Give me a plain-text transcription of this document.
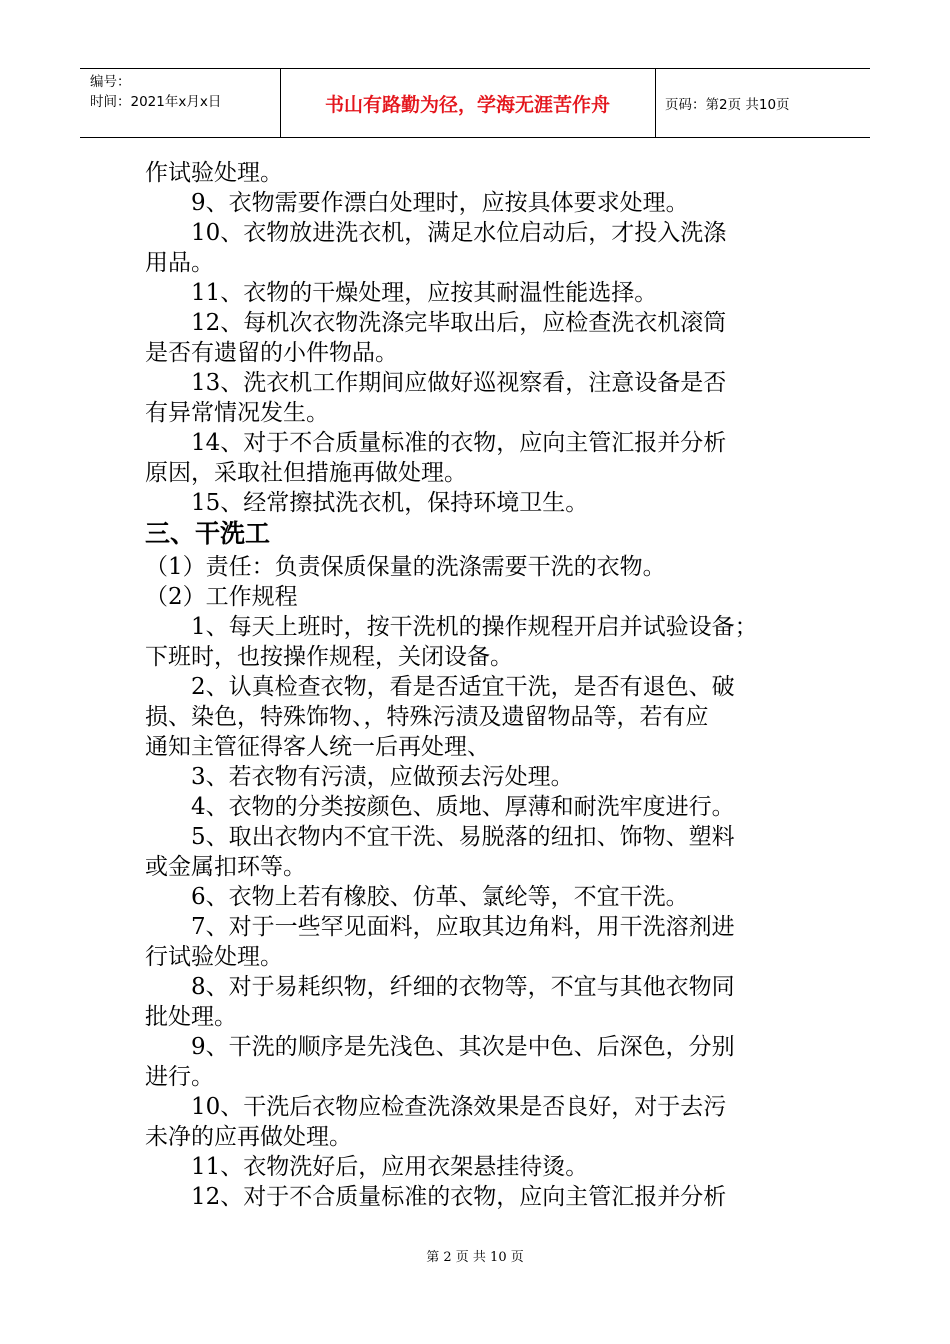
编号：
时间：2021年x月x日	书山有路勤为径，学海无涯苦作舟	页码：第2页 共10页
作试验处理。
9、衣物需要作漂白处理时，应按具体要求处理。
10、衣物放进洗衣机，满足水位启动后，才投入洗涤
用品。
11、衣物的干燥处理，应按其耐温性能选择。
12、每机次衣物洗涤完毕取出后，应检查洗衣机滚筒
是否有遗留的小件物品。
13、洗衣机工作期间应做好巡视察看，注意设备是否
有异常情况发生。
14、对于不合质量标准的衣物，应向主管汇报并分析
原因，采取社但措施再做处理。
15、经常擦拭洗衣机，保持环境卫生。
三、干洗工
（1）责任：负责保质保量的洗涤需要干洗的衣物。
（2）工作规程
1、每天上班时，按干洗机的操作规程开启并试验设备；
下班时，也按操作规程，关闭设备。
2、认真检查衣物，看是否适宜干洗，是否有退色、破
损、染色，特殊饰物、，特殊污渍及遗留物品等，若有应
通知主管征得客人统一后再处理、
3、若衣物有污渍，应做预去污处理。
4、衣物的分类按颜色、质地、厚薄和耐洗牢度进行。
5、取出衣物内不宜干洗、易脱落的纽扣、饰物、塑料
或金属扣环等。
6、衣物上若有橡胶、仿革、氯纶等，不宜干洗。
7、对于一些罕见面料，应取其边角料，用干洗溶剂进
行试验处理。
8、对于易耗织物，纤细的衣物等，不宜与其他衣物同
批处理。
9、干洗的顺序是先浅色、其次是中色、后深色，分别
进行。
10、干洗后衣物应检查洗涤效果是否良好，对于去污
未净的应再做处理。
11、衣物洗好后，应用衣架悬挂待烫。
12、对于不合质量标准的衣物，应向主管汇报并分析
第 2 页 共 10 页
